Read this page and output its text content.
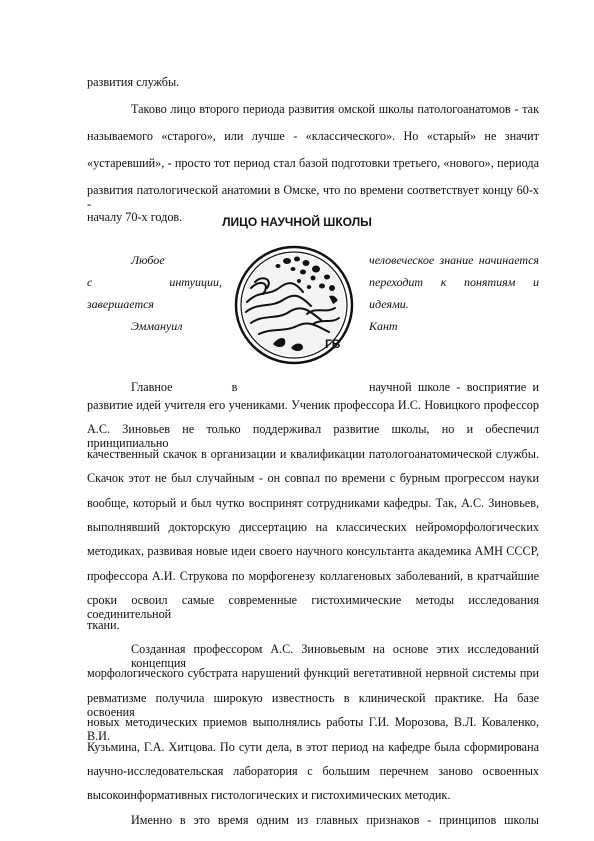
развития службы.
Таково лицо второго периода развития омской школы патологоанатомов - так
называемого «старого», или лучше - «классического». Но «старый» не значит
«устаревший», - просто тот период стал базой подготовки третьего, «нового», периода
развития патологической анатомии в Омске, что по времени соответствует концу 60-х -
началу 70-х годов.	ЛИЦО НАУЧНОЙ ШКОЛЫ
Любое
с интуиции,
завершается
Эммануил
человеческое знание начинается
переходит к понятиям и
идеями.
Кант
ГВ
Главное в	научной школе - восприятие и
развитие идей учителя его учениками. Ученик профессора И.С. Новицкого профессор
А.С. Зиновьев не только поддерживал развитие школы, но и обеспечил принципиально
качественный скачок в организации и квалификации патологоанатомической службы.
Скачок этот не был случайным - он совпал по времени с бурным прогрессом науки
вообще, который и был чутко воспринят сотрудниками кафедры. Так, А.С. Зиновьев,
выполнявший докторскую диссертацию на классических нейроморфологических
методиках, развивая новые идеи своего научного консультанта академика АМН СССР,
профессора А.И. Струкова по морфогенезу коллагеновых заболеваний, в кратчайшие
сроки освоил самые современные гистохимические методы исследования соединительной
ткани.
Созданная профессором А.С. Зиновьевым на основе этих исследований концепция
морфологического субстрата нарушений функций вегетативной нервной системы при
ревматизме получила широкую известность в клинической практике. На базе освоения
новых методических приемов выполнялись работы Г.И. Морозова, В.Л. Коваленко, В.И.
Кузьмина, Г.А. Хитцова. По сути дела, в этот период на кафедре была сформирована
научно-исследовательская лаборатория с большим перечнем заново освоенных
высокоинформативных гистологических и гистохимических методик.
Именно в это время одним из главных признаков - принципов школы
